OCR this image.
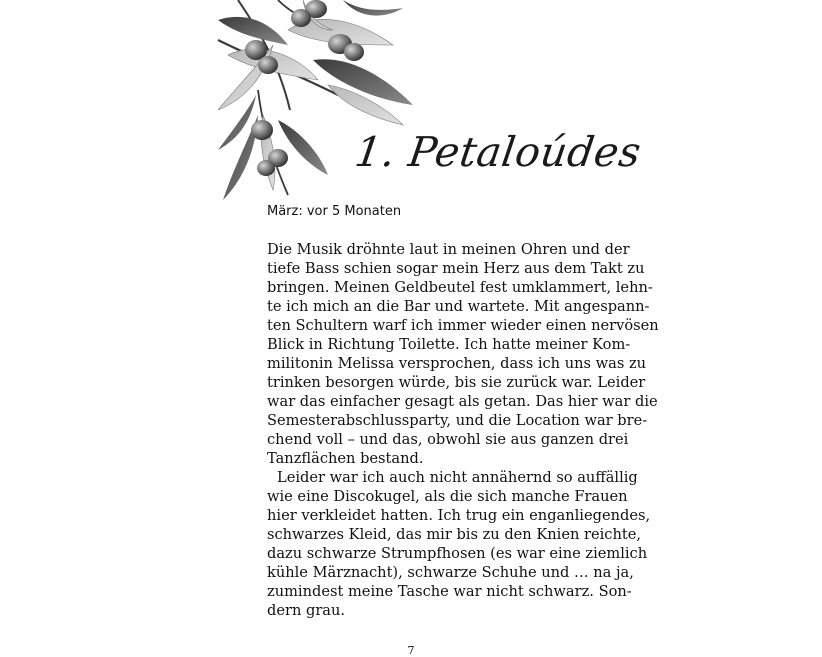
1. Petaloúdes
März: vor 5 Monaten
Die Musik dröhnte laut in meinen Ohren und der
tiefe Bass schien sogar mein Herz aus dem Takt zu
bringen. Meinen Geldbeutel fest umklammert, lehn-
te ich mich an die Bar und wartete. Mit angespann-
ten Schultern warf ich immer wieder einen nervösen
Blick in Richtung Toilette. Ich hatte meiner Kom-
militonin Melissa versprochen, dass ich uns was zu
trinken besorgen würde, bis sie zurück war. Leider
war das einfacher gesagt als getan. Das hier war die
Semesterabschlussparty, und die Location war bre-
chend voll – und das, obwohl sie aus ganzen drei
Tanzflächen bestand.
Leider war ich auch nicht annähernd so auffällig
wie eine Discokugel, als die sich manche Frauen
hier verkleidet hatten. Ich trug ein enganliegendes,
schwarzes Kleid, das mir bis zu den Knien reichte,
dazu schwarze Strumpfhosen (es war eine ziemlich
kühle Märznacht), schwarze Schuhe und … na ja,
zumindest meine Tasche war nicht schwarz. Son-
dern grau.
7
